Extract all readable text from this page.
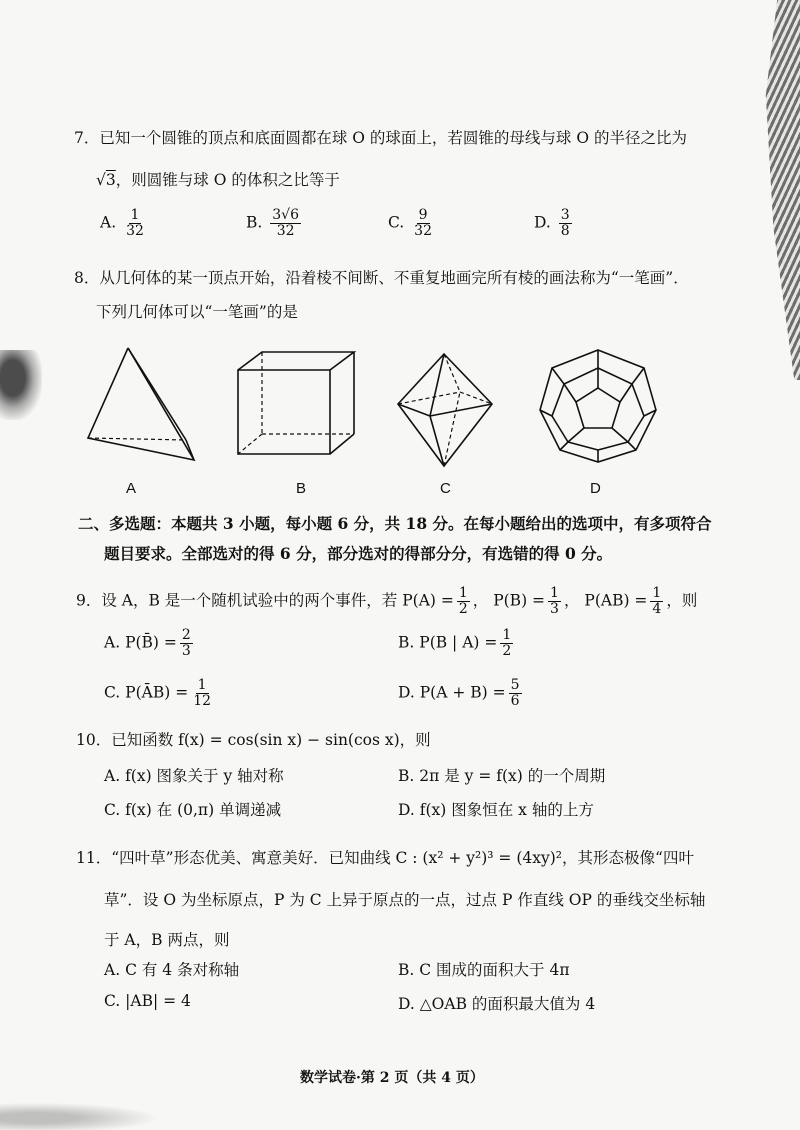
7．已知一个圆锥的顶点和底面圆都在球 O 的球面上，若圆锥的母线与球 O 的半径之比为
√3，则圆锥与球 O 的体积之比等于
A. $\frac{1}{32}$	B. $\frac{3√6}{32}$	C. $\frac{9}{32}$	D. $\frac{3}{8}$
8．从几何体的某一顶点开始，沿着棱不间断、不重复地画完所有棱的画法称为“一笔画”．
下列几何体可以“一笔画”的是
A	B	C	D
二、多选题：本题共 3 小题，每小题 6 分，共 18 分。在每小题给出的选项中，有多项符合
题目要求。全部选对的得 6 分，部分选对的得部分分，有选错的得 0 分。
9．设 A，B 是一个随机试验中的两个事件，若 $P(A) = \frac{1}{2}$ ， $P(B) = \frac{1}{3}$ ， $P(AB) = \frac{1}{4}$ ，则
A. P(B̄) = $\frac{2}{3}$	B. P(B | $A) = \frac{1}{2}$
C. P(ĀB) = $\frac{1}{12}$	D. $P(A + B) = \frac{5}{6}$
10．已知函数 f(x) = cos(sin x) − sin(cos x)，则
A. f(x) 图象关于 y 轴对称	B. 2π 是 y = f(x) 的一个周期
C. f(x) 在 (0,π) 单调递减	D. f(x) 图象恒在 x 轴的上方
11．“四叶草”形态优美、寓意美好．已知曲线 C : (x² + y²)³ = (4xy)²，其形态极像“四叶
草”．设 O 为坐标原点，P 为 C 上异于原点的一点，过点 P 作直线 OP 的垂线交坐标轴
于 A，B 两点，则
A. C 有 4 条对称轴	B. C 围成的面积大于 4π
C. |AB| = 4	D. △OAB 的面积最大值为 4
数学试卷·第 2 页（共 4 页）
